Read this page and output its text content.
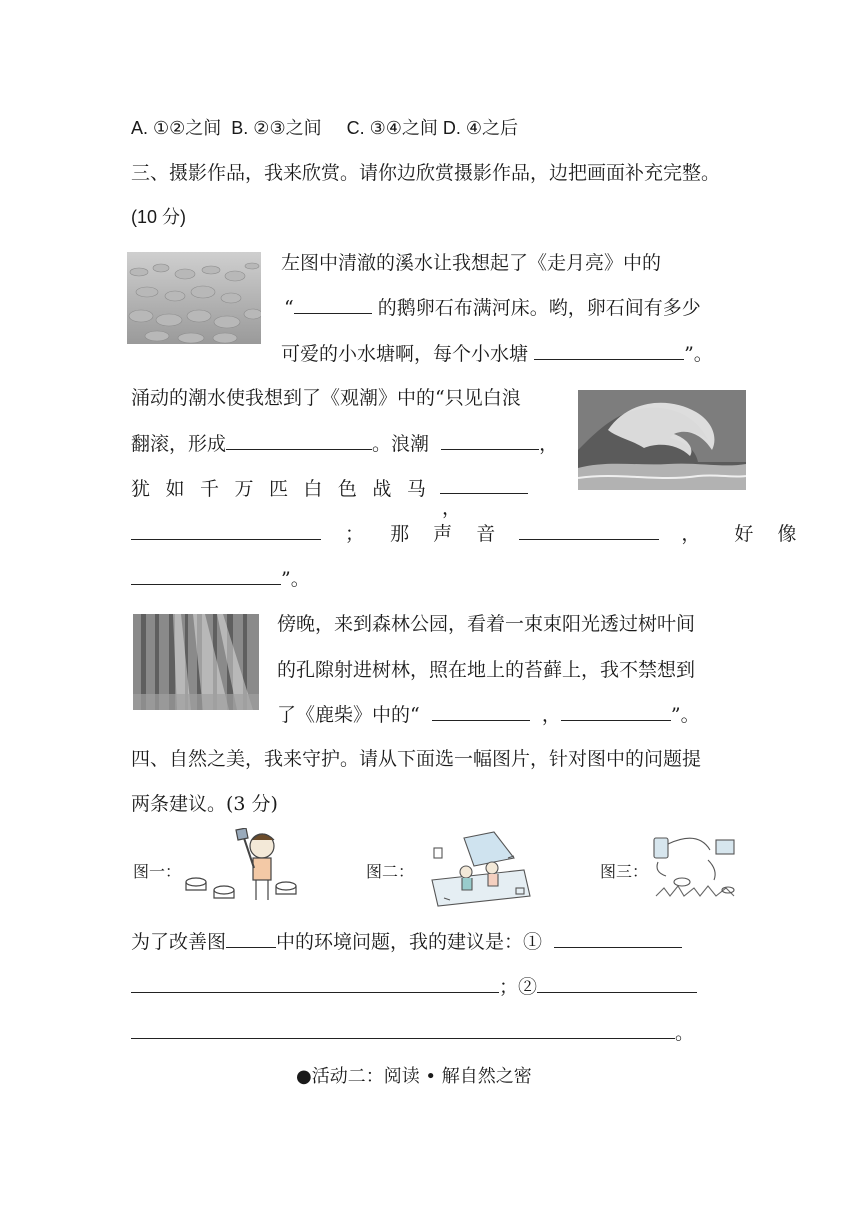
A. ①②之间 B. ②③之间 C. ③④之间 D. ④之后
三、摄影作品，我来欣赏。请你边欣赏摄影作品，边把画面补充完整。
(10 分)
左图中清澈的溪水让我想起了《走月亮》中的
“	的鹅卵石布满河床。哟，卵石间有多少
可爱的小水塘啊，每个小水塘	”。
涌动的潮水使我想到了《观潮》中的“只见白浪
翻滚，形成	。浪潮	，
犹 如 千 万 匹 白 色 战 马
，
； 那 声 音	， 好 像
”。
傍晚，来到森林公园，看着一束束阳光透过树叶间
的孔隙射进树林，照在地上的苔藓上，我不禁想到
了《鹿柴》中的“	，	”。
四、自然之美，我来守护。请从下面选一幅图片，针对图中的问题提
两条建议。(3 分)
图一：	图二：	图三：
为了改善图	中的环境问题，我的建议是：①
；②
。
●活动二：阅读 • 解自然之密
